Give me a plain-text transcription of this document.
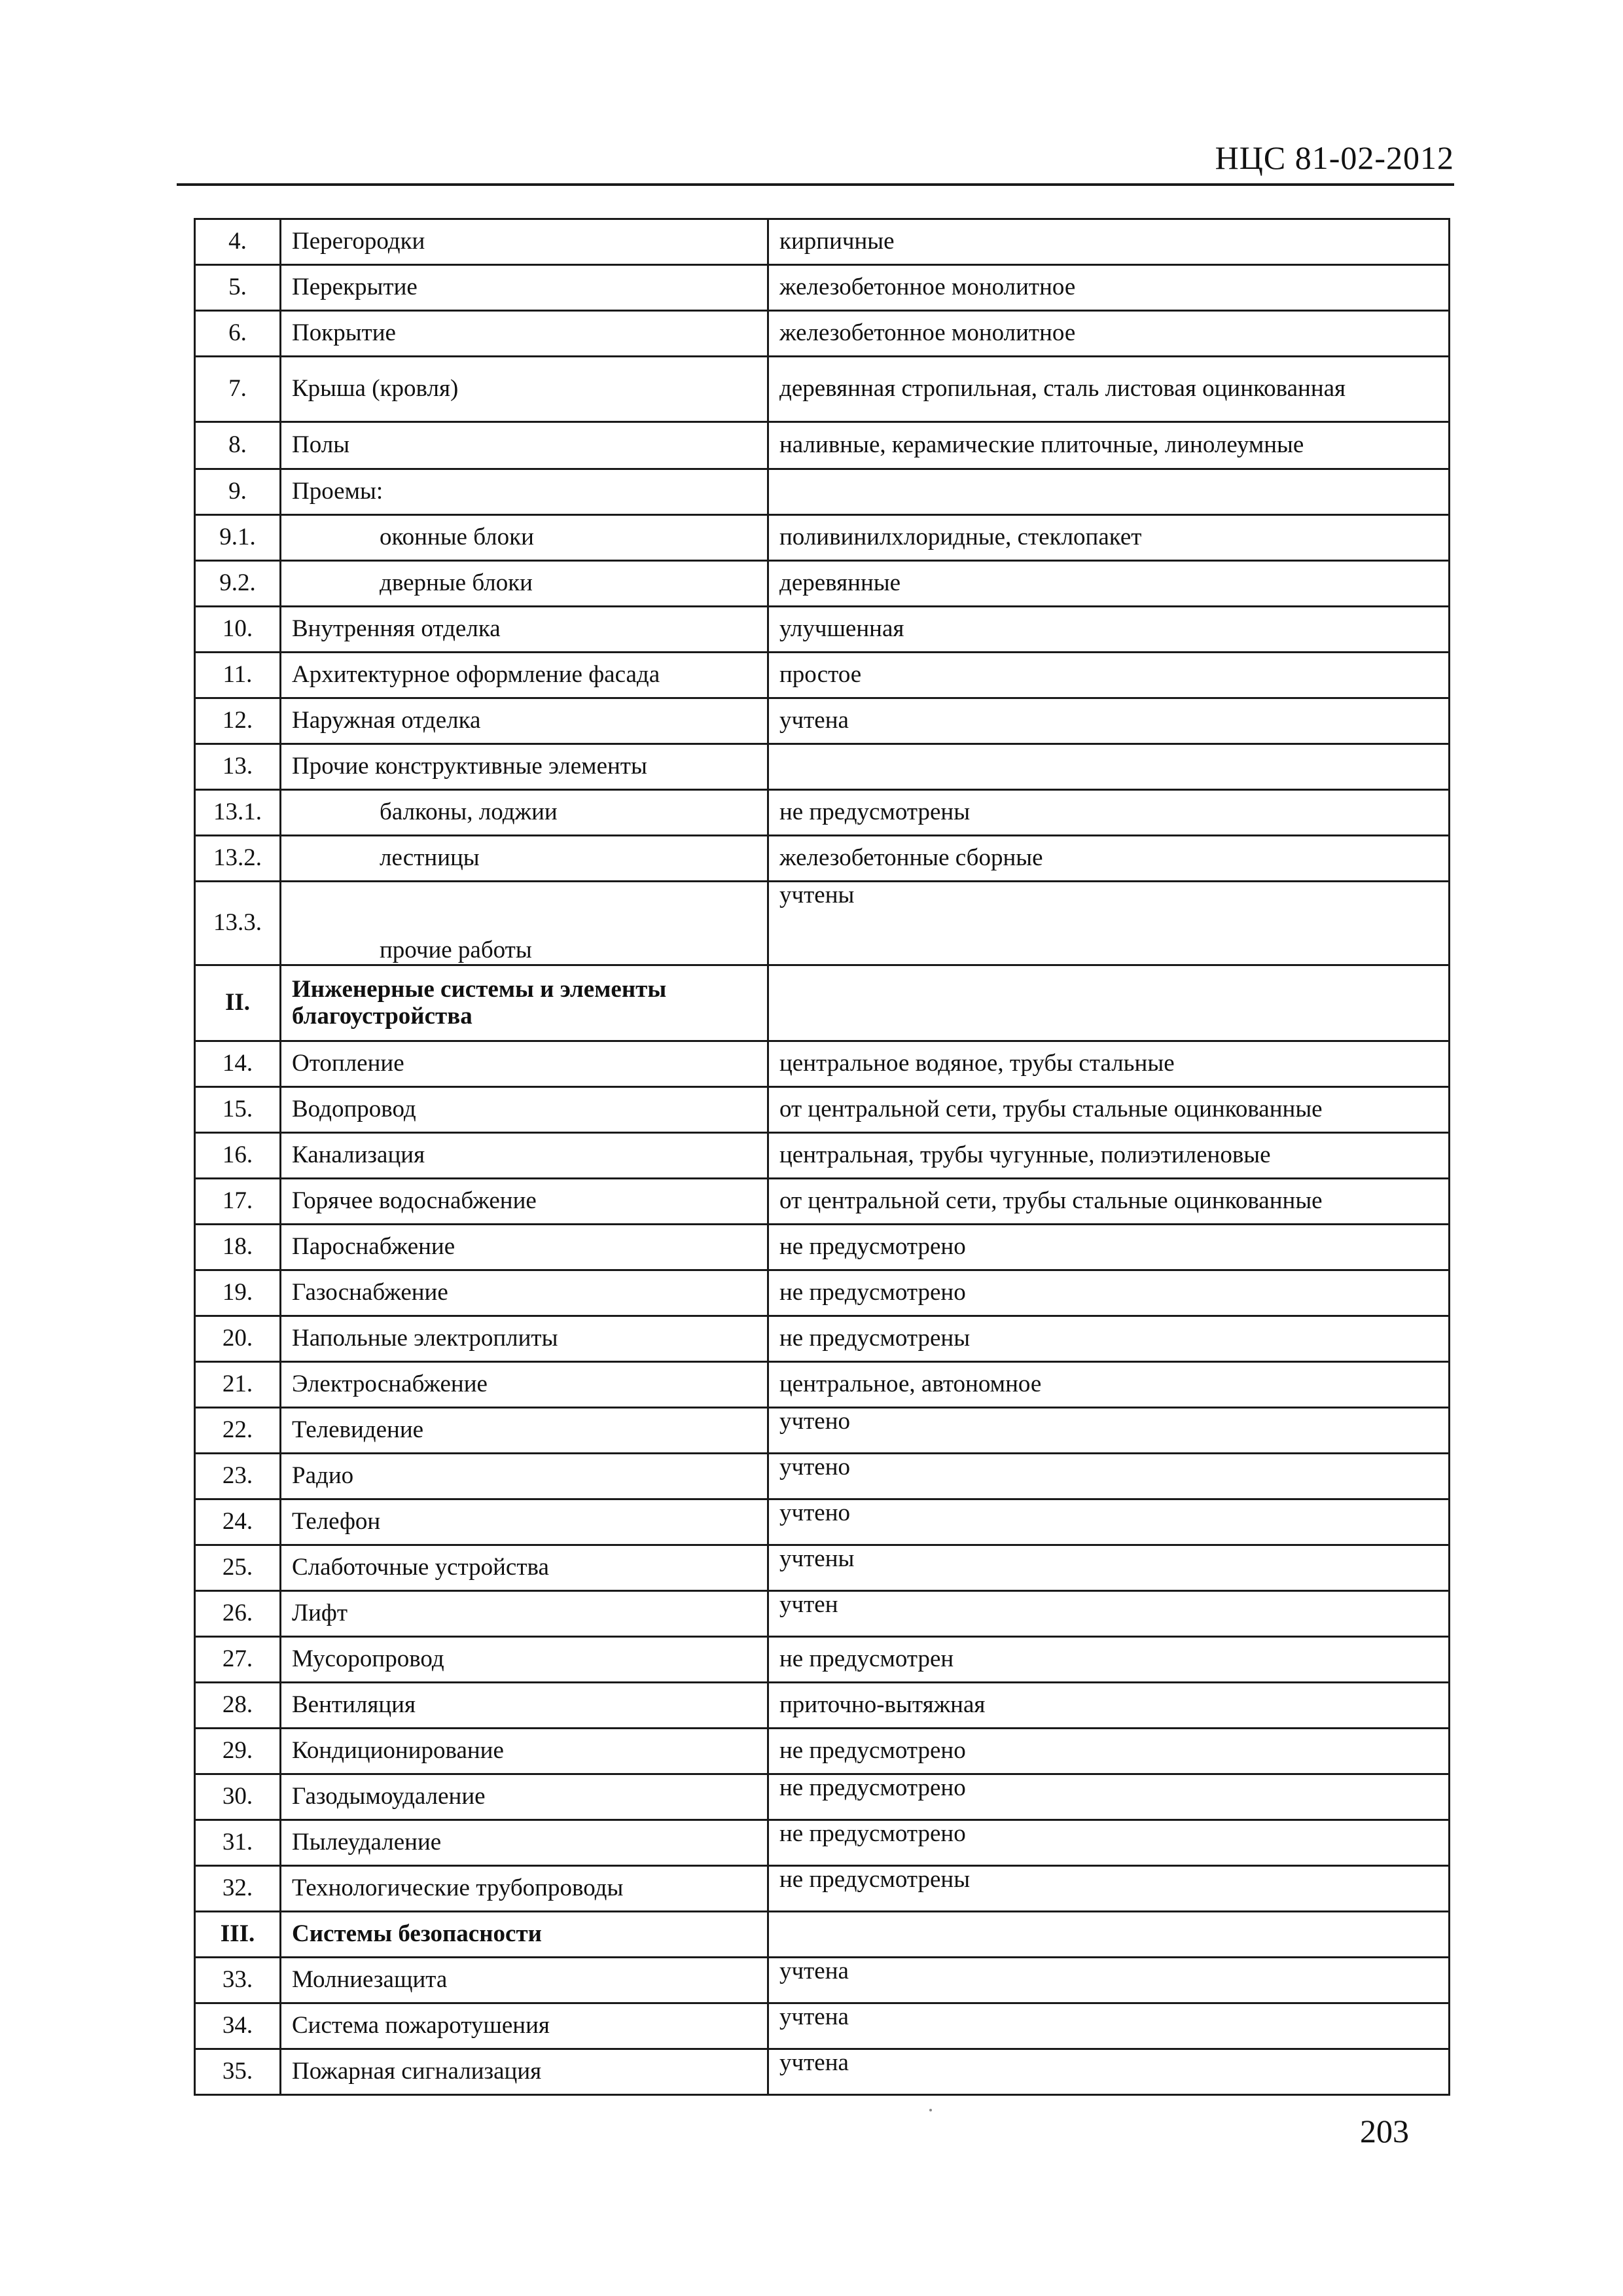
НЦС 81-02-2012
4.	Перегородки	кирпичные
5.	Перекрытие	железобетонное монолитное
6.	Покрытие	железобетонное монолитное
7.	Крыша (кровля)	деревянная стропильная, сталь листовая оцинкованная
8.	Полы	наливные, керамические плиточные, линолеумные
9.	Проемы:	
9.1.	оконные блоки	поливинилхлоридные, стеклопакет
9.2.	дверные блоки	деревянные
10.	Внутренняя отделка	улучшенная
11.	Архитектурное оформление фасада	простое
12.	Наружная отделка	учтена
13.	Прочие конструктивные элементы	
13.1.	балконы, лоджии	не предусмотрены
13.2.	лестницы	железобетонные сборные
13.3.	прочие работы	учтены
II.	Инженерные системы и элементы благоустройства	
14.	Отопление	центральное водяное, трубы стальные
15.	Водопровод	от центральной сети, трубы стальные оцинкованные
16.	Канализация	центральная, трубы чугунные, полиэтиленовые
17.	Горячее водоснабжение	от центральной сети, трубы стальные оцинкованные
18.	Пароснабжение	не предусмотрено
19.	Газоснабжение	не предусмотрено
20.	Напольные электроплиты	не предусмотрены
21.	Электроснабжение	центральное, автономное
22.	Телевидение	учтено
23.	Радио	учтено
24.	Телефон	учтено
25.	Слаботочные устройства	учтены
26.	Лифт	учтен
27.	Мусоропровод	не предусмотрен
28.	Вентиляция	приточно-вытяжная
29.	Кондиционирование	не предусмотрено
30.	Газодымоудаление	не предусмотрено
31.	Пылеудаление	не предусмотрено
32.	Технологические трубопроводы	не предусмотрены
III.	Системы безопасности	
33.	Молниезащита	учтена
34.	Система пожаротушения	учтена
35.	Пожарная сигнализация	учтена
203
